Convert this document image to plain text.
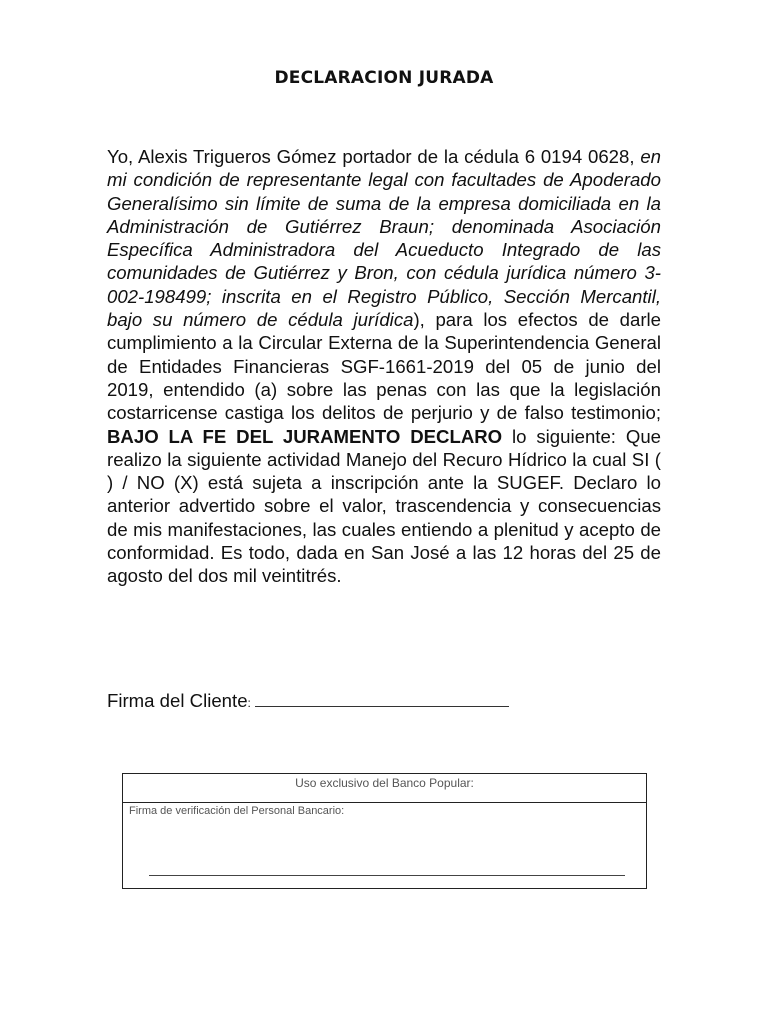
DECLARACION JURADA
Yo, Alexis Trigueros Gómez portador de la cédula 6 0194 0628, en mi condición de representante legal con facultades de Apoderado Generalísimo sin límite de suma de la empresa domiciliada en la Administración de Gutiérrez Braun; denominada Asociación Específica Administradora del Acueducto Integrado de las comunidades de Gutiérrez y Bron, con cédula jurídica número 3-002-198499; inscrita en el Registro Público, Sección Mercantil, bajo su número de cédula jurídica), para los efectos de darle cumplimiento a la Circular Externa de la Superintendencia General de Entidades Financieras SGF-1661-2019 del 05 de junio del 2019, entendido (a) sobre las penas con las que la legislación costarricense castiga los delitos de perjurio y de falso testimonio; BAJO LA FE DEL JURAMENTO DECLARO lo siguiente: Que realizo la siguiente actividad Manejo del Recuro Hídrico la cual SI ( ) / NO (X) está sujeta a inscripción ante la SUGEF. Declaro lo anterior advertido sobre el valor, trascendencia y consecuencias de mis manifestaciones, las cuales entiendo a plenitud y acepto de conformidad. Es todo, dada en San José a las 12 horas del 25 de agosto del dos mil veintitrés.
Firma del Cliente:
Uso exclusivo del Banco Popular:
Firma de verificación del Personal Bancario:
